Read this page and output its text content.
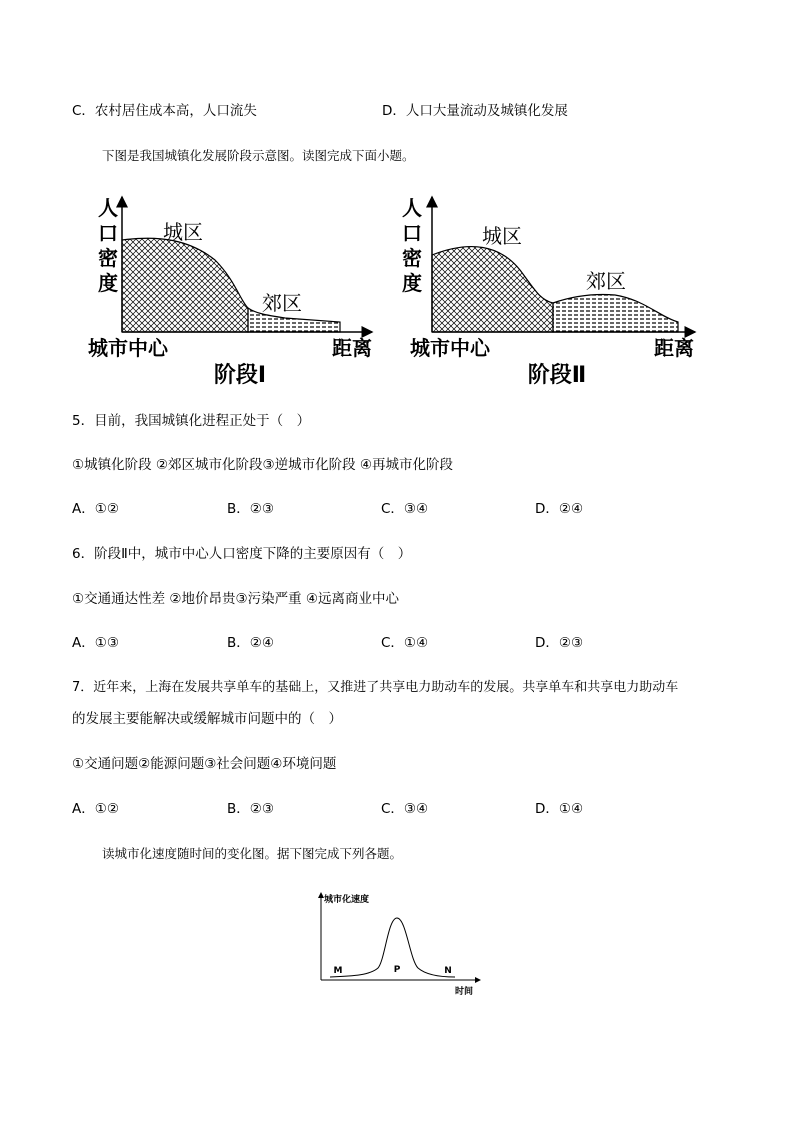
C．农村居住成本高，人口流失	D．人口大量流动及城镇化发展
下图是我国城镇化发展阶段示意图。读图完成下面小题。
人
口
密
度
城区
郊区
城市中心	距离
阶段Ⅰ
人
口
密
度
城区
郊区
城市中心	距离
阶段Ⅱ
5．目前，我国城镇化进程正处于（　）
①城镇化阶段 ②郊区城市化阶段③逆城市化阶段 ④再城市化阶段
A．①②	B．②③	C．③④	D．②④
6．阶段Ⅱ中，城市中心人口密度下降的主要原因有（　）
①交通通达性差 ②地价昂贵③污染严重 ④远离商业中心
A．①③	B．②④	C．①④	D．②③
7．近年来，上海在发展共享单车的基础上，又推进了共享电力助动车的发展。共享单车和共享电力助动车
的发展主要能解决或缓解城市问题中的（　）
①交通问题②能源问题③社会问题④环境问题
A．①②	B．②③	C．③④	D．①④
读城市化速度随时间的变化图。据下图完成下列各题。
城市化速度
时间
M	P	N
